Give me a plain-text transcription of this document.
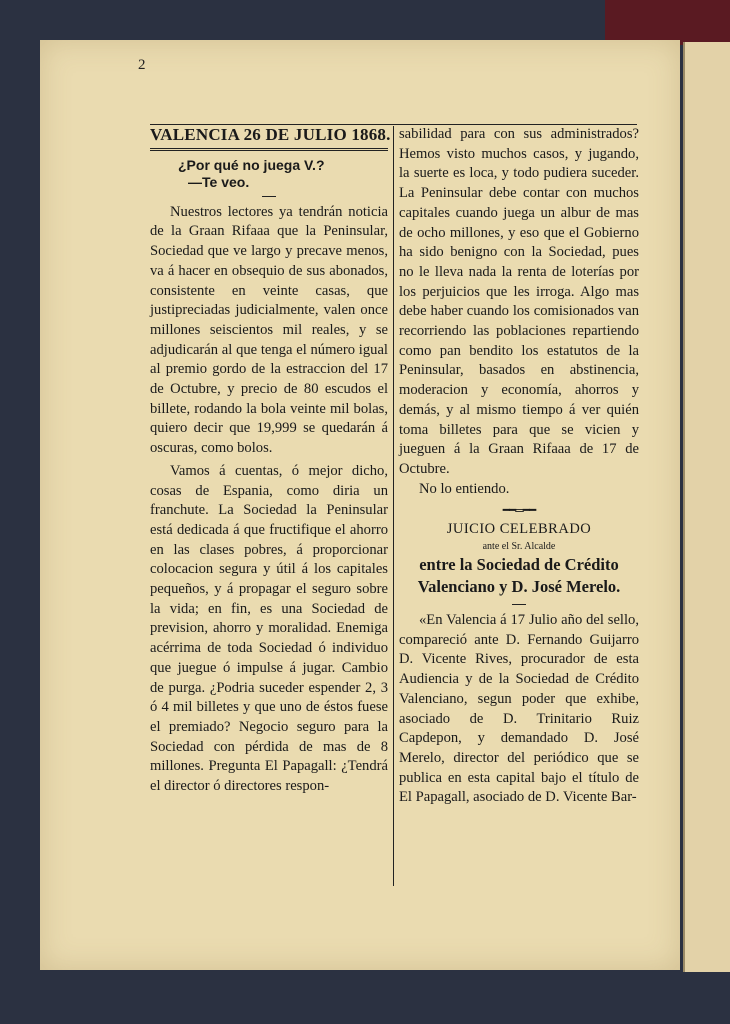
2
VALENCIA 26 DE JULIO 1868.
¿Por qué no juega V.?
—Te veo.

Nuestros lectores ya tendrán noticia de la Graan Rifaaa que la Peninsular, Sociedad que ve largo y precave menos, va á hacer en obsequio de sus abonados, consistente en veinte casas, que justipreciadas judicialmente, valen once millones seiscientos mil reales, y se adjudicarán al que tenga el número igual al premio gordo de la estraccion del 17 de Octubre, y precio de 80 escudos el billete, rodando la bola veinte mil bolas, quiero decir que 19,999 se quedarán á oscuras, como bolos.

Vamos á cuentas, ó mejor dicho, cosas de Espania, como diria un franchute. La Sociedad la Peninsular está dedicada á que fructifique el ahorro en las clases pobres, á proporcionar colocacion segura y útil á los capitales pequeños, y á propagar el seguro sobre la vida; en fin, es una Sociedad de prevision, ahorro y moralidad. Enemiga acérrima de toda Sociedad ó individuo que juegue ó impulse á jugar. Cambio de purga. ¿Podria suceder espender 2, 3 ó 4 mil billetes y que uno de éstos fuese el premiado? Negocio seguro para la Sociedad con pérdida de mas de 8 millones. Pregunta El Papagall: ¿Tendrá el director ó directores respon-

sabilidad para con sus administrados? Hemos visto muchos casos, y jugando, la suerte es loca, y todo pudiera suceder. La Peninsular debe contar con muchos capitales cuando juega un albur de mas de ocho millones, y eso que el Gobierno ha sido benigno con la Sociedad, pues no le lleva nada la renta de loterías por los perjuicios que les irroga. Algo mas debe haber cuando los comisionados van recorriendo las poblaciones repartiendo como pan bendito los estatutos de la Peninsular, basados en abstinencia, moderacion y economía, ahorros y demás, y al mismo tiempo á ver quién toma billetes para que se vicien y jueguen á la Graan Rifaaa de 17 de Octubre.

No lo entiendo.

━━═━━
JUICIO CELEBRADO
ante el Sr. Alcalde
entre la Sociedad de Crédito Valenciano y D. José Merelo.

«En Valencia á 17 Julio año del sello, compareció ante D. Fernando Guijarro D. Vicente Rives, procurador de esta Audiencia y de la Sociedad de Crédito Valenciano, segun poder que exhibe, asociado de D. Trinitario Ruiz Capdepon, y demandado D. José Merelo, director del periódico que se publica en esta capital bajo el título de El Papagall, asociado de D. Vicente Bar-
